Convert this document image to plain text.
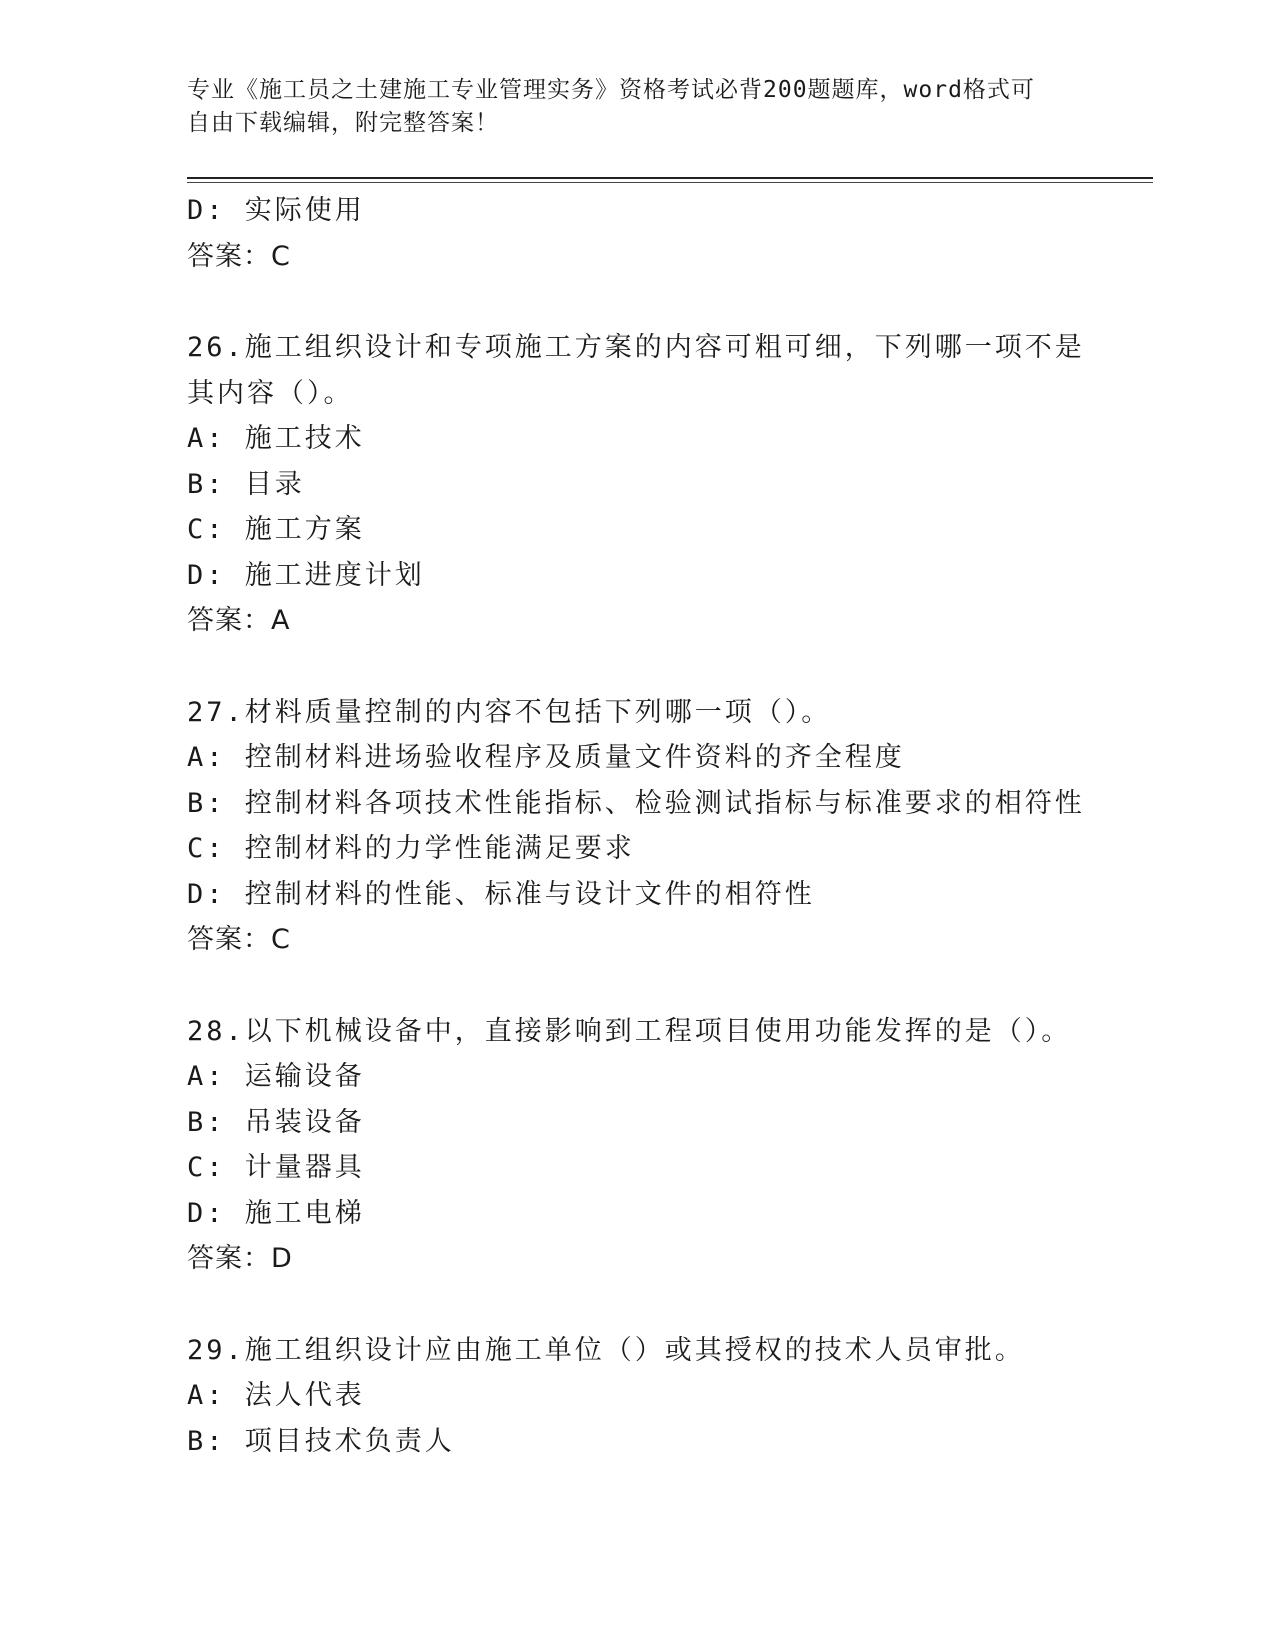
专业《施工员之土建施工专业管理实务》资格考试必背200题题库，word格式可
自由下载编辑，附完整答案！
D: 实际使用
答案：C
26.施工组织设计和专项施工方案的内容可粗可细，下列哪一项不是其内容（）。
A: 施工技术
B: 目录
C: 施工方案
D: 施工进度计划
答案：A
27.材料质量控制的内容不包括下列哪一项（）。
A: 控制材料进场验收程序及质量文件资料的齐全程度
B: 控制材料各项技术性能指标、检验测试指标与标准要求的相符性
C: 控制材料的力学性能满足要求
D: 控制材料的性能、标准与设计文件的相符性
答案：C
28.以下机械设备中，直接影响到工程项目使用功能发挥的是（）。
A: 运输设备
B: 吊装设备
C: 计量器具
D: 施工电梯
答案：D
29.施工组织设计应由施工单位（）或其授权的技术人员审批。
A: 法人代表
B: 项目技术负责人
